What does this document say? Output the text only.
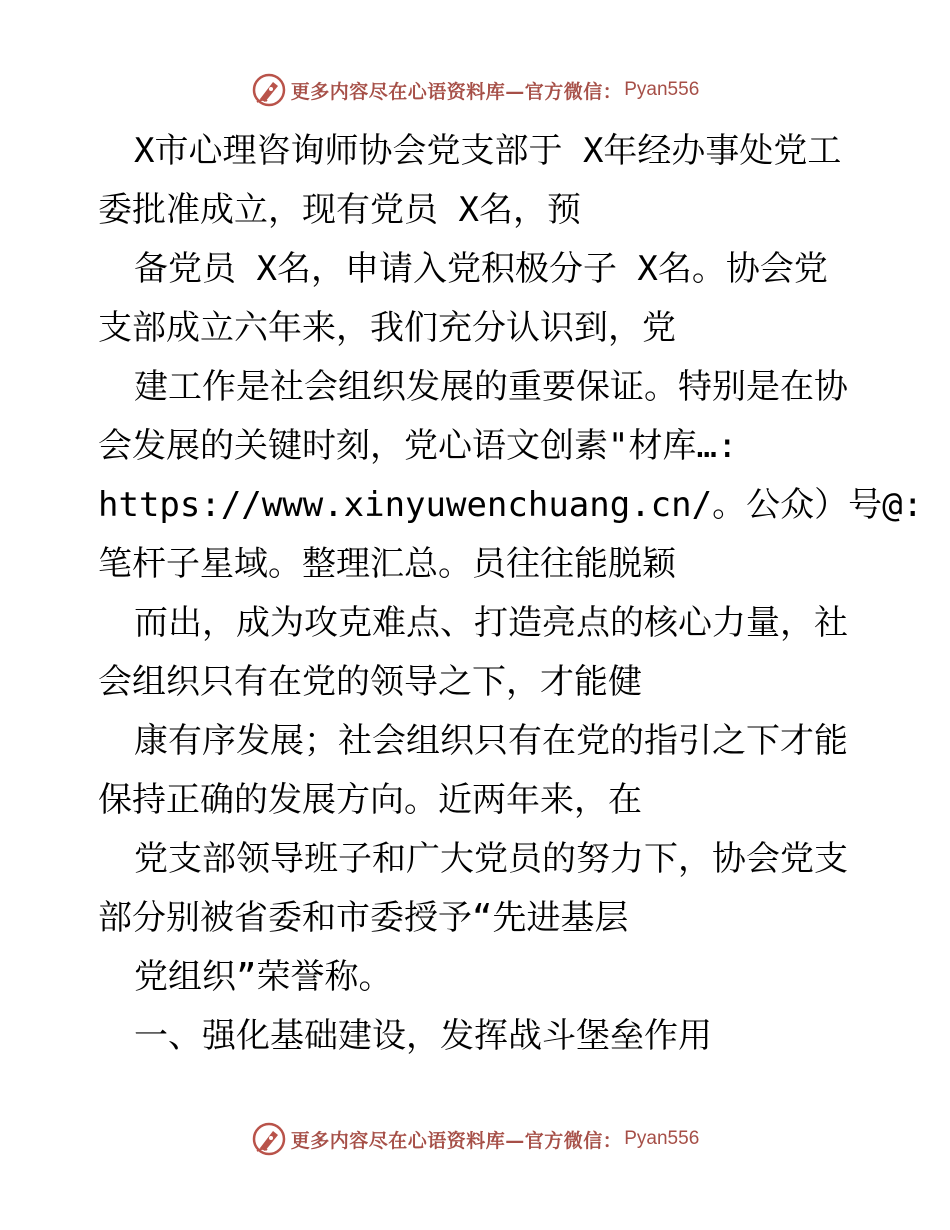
更多内容尽在心语资料库—官方微信： Pyan556
X市心理咨询师协会党支部于 X年经办事处党工
委批准成立，现有党员 X名，预
备党员 X名，申请入党积极分子 X名。协会党
支部成立六年来，我们充分认识到，党
建工作是社会组织发展的重要保证。特别是在协
会发展的关键时刻，党心语文创素"材库…:
https://www.xinyuwenchuang.cn/。公众）号@:
笔杆子星域。整理汇总。员往往能脱颖
而出，成为攻克难点、打造亮点的核心力量，社
会组织只有在党的领导之下，才能健
康有序发展；社会组织只有在党的指引之下才能
保持正确的发展方向。近两年来，在
党支部领导班子和广大党员的努力下，协会党支
部分别被省委和市委授予“先进基层
党组织”荣誉称。
一、强化基础建设，发挥战斗堡垒作用
更多内容尽在心语资料库—官方微信： Pyan556
